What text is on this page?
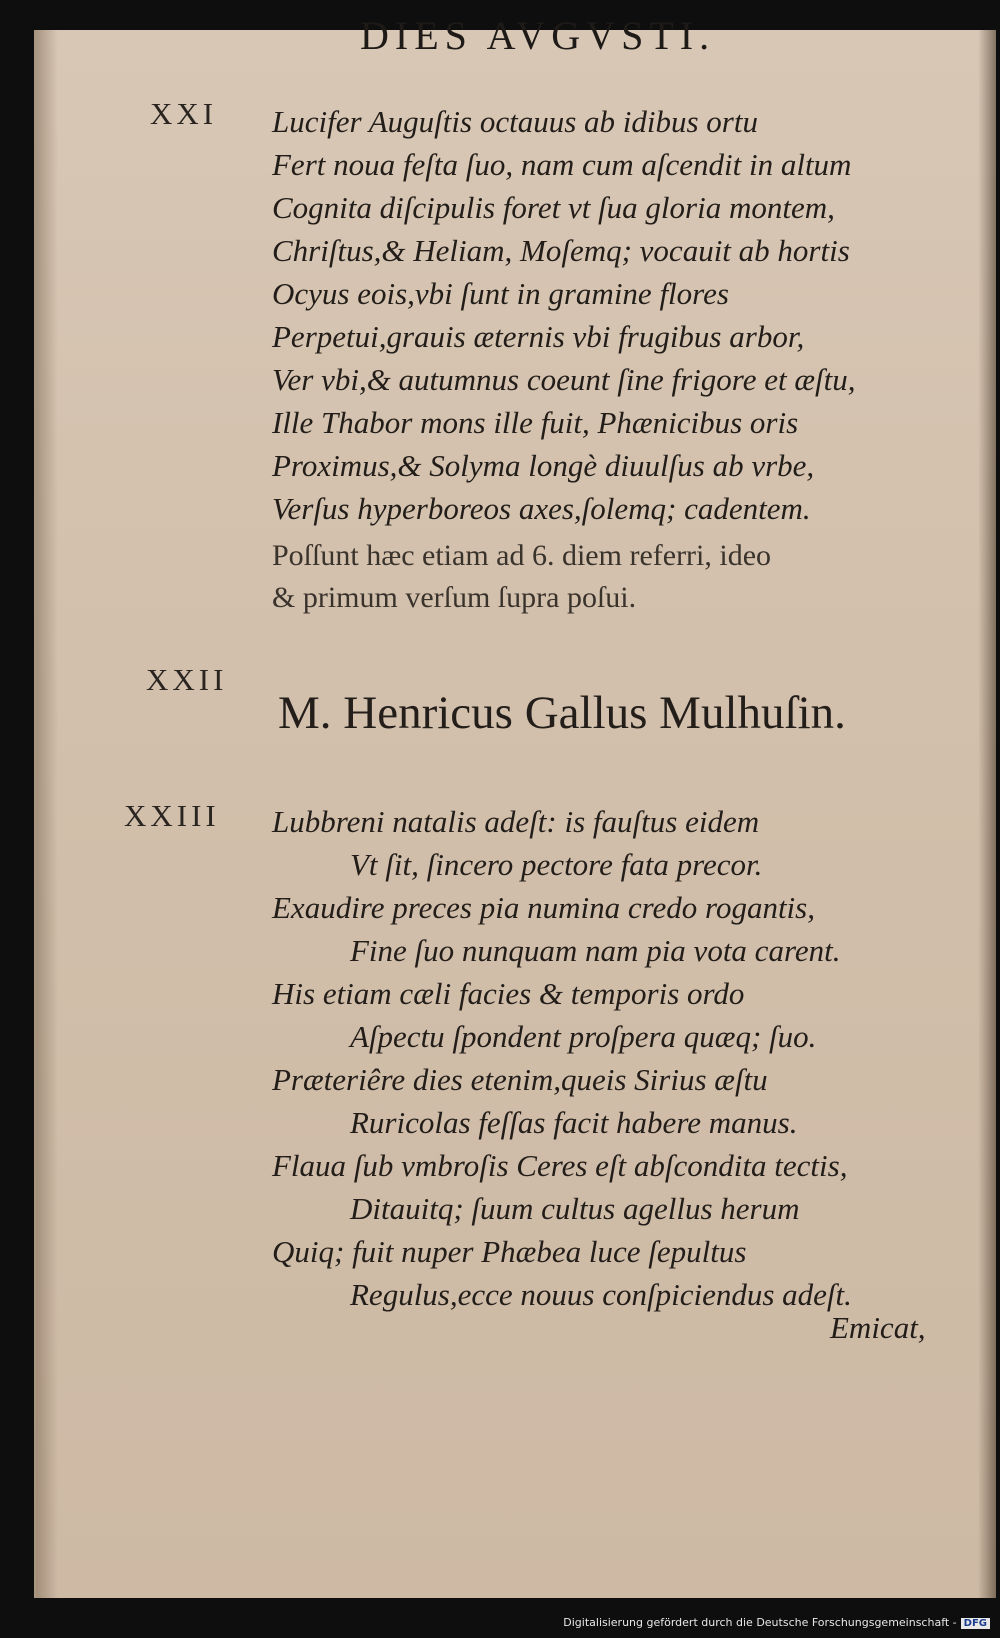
DIES AVGVSTI.
XXI Lucifer Auguſtis octauus ab idibus ortu
Fert noua feſta ſuo, nam cum aſcendit in altum
Cognita diſcipulis foret vt ſua gloria montem,
Chriſtus,& Heliam, Moſemq; vocauit ab hortis
Ocyus eois,vbi ſunt in gramine flores
Perpetui,grauis æternis vbi frugibus arbor,
Ver vbi,& autumnus coeunt ſine frigore et æſtu,
Ille Thabor mons ille fuit, Phænicibus oris
Proximus,& Solyma longè diuulſus ab vrbe,
Verſus hyperboreos axes,ſolemq; cadentem.
Poſſunt hæc etiam ad 6. diem referri, ideo
& primum verſum ſupra poſui.
XXII
M. Henricus Gallus Mulhuſin.
XXIII Lubbreni natalis adeſt: is fauſtus eidem
Vt ſit, ſincero pectore fata precor.
Exaudire preces pia numina credo rogantis,
Fine ſuo nunquam nam pia vota carent.
His etiam cæli facies & temporis ordo
Aſpectu ſpondent proſpera quæq; ſuo.
Præteriêre dies etenim,queis Sirius æſtu
Ruricolas feſſas facit habere manus.
Flaua ſub vmbroſis Ceres eſt abſcondita tectis,
Ditauitq; ſuum cultus agellus herum
Quiq; fuit nuper Phæbea luce ſepultus
Regulus,ecce nouus conſpiciendus adeſt.
Emicat,
Digitalisierung gefördert durch die Deutsche Forschungsgemeinschaft - DFG
